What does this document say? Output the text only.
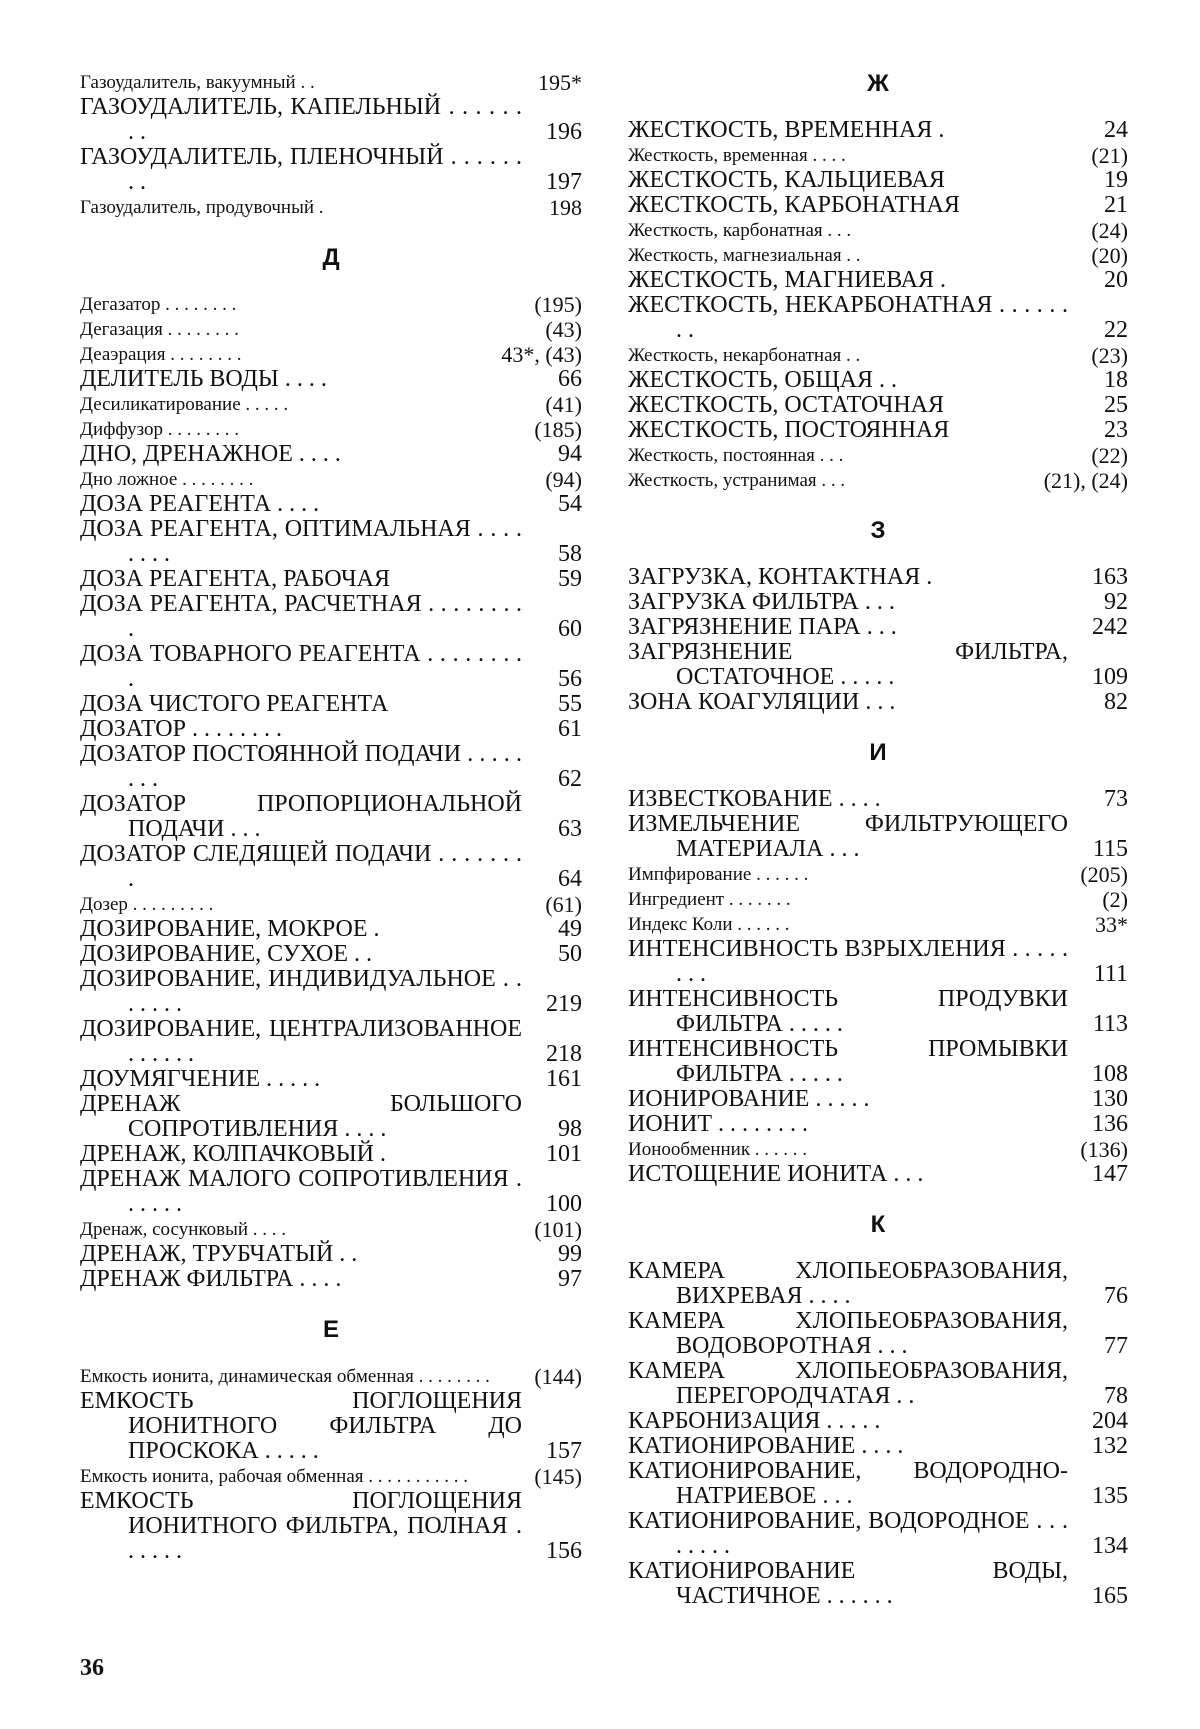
Газоудалитель, вакуумный . .	195*
ГАЗОУДАЛИТЕЛЬ, КАПЕЛЬНЫЙ . . . . . . . .	196
ГАЗОУДАЛИТЕЛЬ, ПЛЕНОЧНЫЙ . . . . . . . .	197
Газоудалитель, продувочный .	198
Д
Дегазатор . . . . . . . .	(195)
Дегазация . . . . . . . .	(43)
Деаэрация . . . . . . . .	43*, (43)
ДЕЛИТЕЛЬ ВОДЫ . . . .	66
Десиликатирование . . . . .	(41)
Диффузор . . . . . . . .	(185)
ДНО, ДРЕНАЖНОЕ . . . .	94
Дно ложное . . . . . . . .	(94)
ДОЗА РЕАГЕНТА . . . .	54
ДОЗА РЕАГЕНТА, ОПТИМАЛЬНАЯ . . . . . . . .	58
ДОЗА РЕАГЕНТА, РАБОЧАЯ	59
ДОЗА РЕАГЕНТА, РАСЧЕТНАЯ . . . . . . . . .	60
ДОЗА ТОВАРНОГО РЕАГЕНТА . . . . . . . . .	56
ДОЗА ЧИСТОГО РЕАГЕНТА	55
ДОЗАТОР . . . . . . . .	61
ДОЗАТОР ПОСТОЯННОЙ ПОДАЧИ . . . . . . . .	62
ДОЗАТОР ПРОПОРЦИОНАЛЬНОЙ ПОДАЧИ . . .	63
ДОЗАТОР СЛЕДЯЩЕЙ ПОДАЧИ . . . . . . . .	64
Дозер . . . . . . . . .	(61)
ДОЗИРОВАНИЕ, МОКРОЕ .	49
ДОЗИРОВАНИЕ, СУХОЕ . .	50
ДОЗИРОВАНИЕ, ИНДИВИДУАЛЬНОЕ . . . . . . .	219
ДОЗИРОВАНИЕ, ЦЕНТРАЛИЗОВАННОЕ . . . . . .	218
ДОУМЯГЧЕНИЕ . . . . .	161
ДРЕНАЖ БОЛЬШОГО СОПРОТИВЛЕНИЯ . . . .	98
ДРЕНАЖ, КОЛПАЧКОВЫЙ .	101
ДРЕНАЖ МАЛОГО СОПРОТИВЛЕНИЯ . . . . . .	100
Дренаж, сосунковый . . . .	(101)
ДРЕНАЖ, ТРУБЧАТЫЙ . .	99
ДРЕНАЖ ФИЛЬТРА . . . .	97
Е
Емкость ионита, динамическая обменная . . . . . . . .	(144)
ЕМКОСТЬ ПОГЛОЩЕНИЯ ИОНИТНОГО ФИЛЬТРА ДО ПРОСКОКА . . . . .	157
Емкость ионита, рабочая обменная . . . . . . . . . . .	(145)
ЕМКОСТЬ ПОГЛОЩЕНИЯ ИОНИТНОГО ФИЛЬТРА, ПОЛНАЯ . . . . . .	156
Ж
ЖЕСТКОСТЬ, ВРЕМЕННАЯ .	24
Жесткость, временная . . . .	(21)
ЖЕСТКОСТЬ, КАЛЬЦИЕВАЯ	19
ЖЕСТКОСТЬ, КАРБОНАТНАЯ	21
Жесткость, карбонатная . . .	(24)
Жесткость, магнезиальная . .	(20)
ЖЕСТКОСТЬ, МАГНИЕВАЯ .	20
ЖЕСТКОСТЬ, НЕКАРБОНАТНАЯ . . . . . . . .	22
Жесткость, некарбонатная . .	(23)
ЖЕСТКОСТЬ, ОБЩАЯ . .	18
ЖЕСТКОСТЬ, ОСТАТОЧНАЯ	25
ЖЕСТКОСТЬ, ПОСТОЯННАЯ	23
Жесткость, постоянная . . .	(22)
Жесткость, устранимая . . .	(21), (24)
З
ЗАГРУЗКА, КОНТАКТНАЯ .	163
ЗАГРУЗКА ФИЛЬТРА . . .	92
ЗАГРЯЗНЕНИЕ ПАРА . . .	242
ЗАГРЯЗНЕНИЕ ФИЛЬТРА, ОСТАТОЧНОЕ . . . . .	109
ЗОНА КОАГУЛЯЦИИ . . .	82
И
ИЗВЕСТКОВАНИЕ . . . .	73
ИЗМЕЛЬЧЕНИЕ ФИЛЬТРУЮЩЕГО МАТЕРИАЛА . . .	115
Импфирование . . . . . .	(205)
Ингредиент . . . . . . .	(2)
Индекс Коли . . . . . .	33*
ИНТЕНСИВНОСТЬ ВЗРЫХЛЕНИЯ . . . . . . . .	111
ИНТЕНСИВНОСТЬ ПРОДУВКИ ФИЛЬТРА . . . . .	113
ИНТЕНСИВНОСТЬ ПРОМЫВКИ ФИЛЬТРА . . . . .	108
ИОНИРОВАНИЕ . . . . .	130
ИОНИТ . . . . . . . .	136
Ионообменник . . . . . .	(136)
ИСТОЩЕНИЕ ИОНИТА . . .	147
К
КАМЕРА ХЛОПЬЕОБРАЗОВАНИЯ, ВИХРЕВАЯ . . . .	76
КАМЕРА ХЛОПЬЕОБРАЗОВАНИЯ, ВОДОВОРОТНАЯ . . .	77
КАМЕРА ХЛОПЬЕОБРАЗОВАНИЯ, ПЕРЕГОРОДЧАТАЯ . .	78
КАРБОНИЗАЦИЯ . . . . .	204
КАТИОНИРОВАНИЕ . . . .	132
КАТИОНИРОВАНИЕ, ВОДОРОДНО-НАТРИЕВОЕ . . .	135
КАТИОНИРОВАНИЕ, ВОДОРОДНОЕ . . . . . . . .	134
КАТИОНИРОВАНИЕ ВОДЫ, ЧАСТИЧНОЕ . . . . . .	165
36
